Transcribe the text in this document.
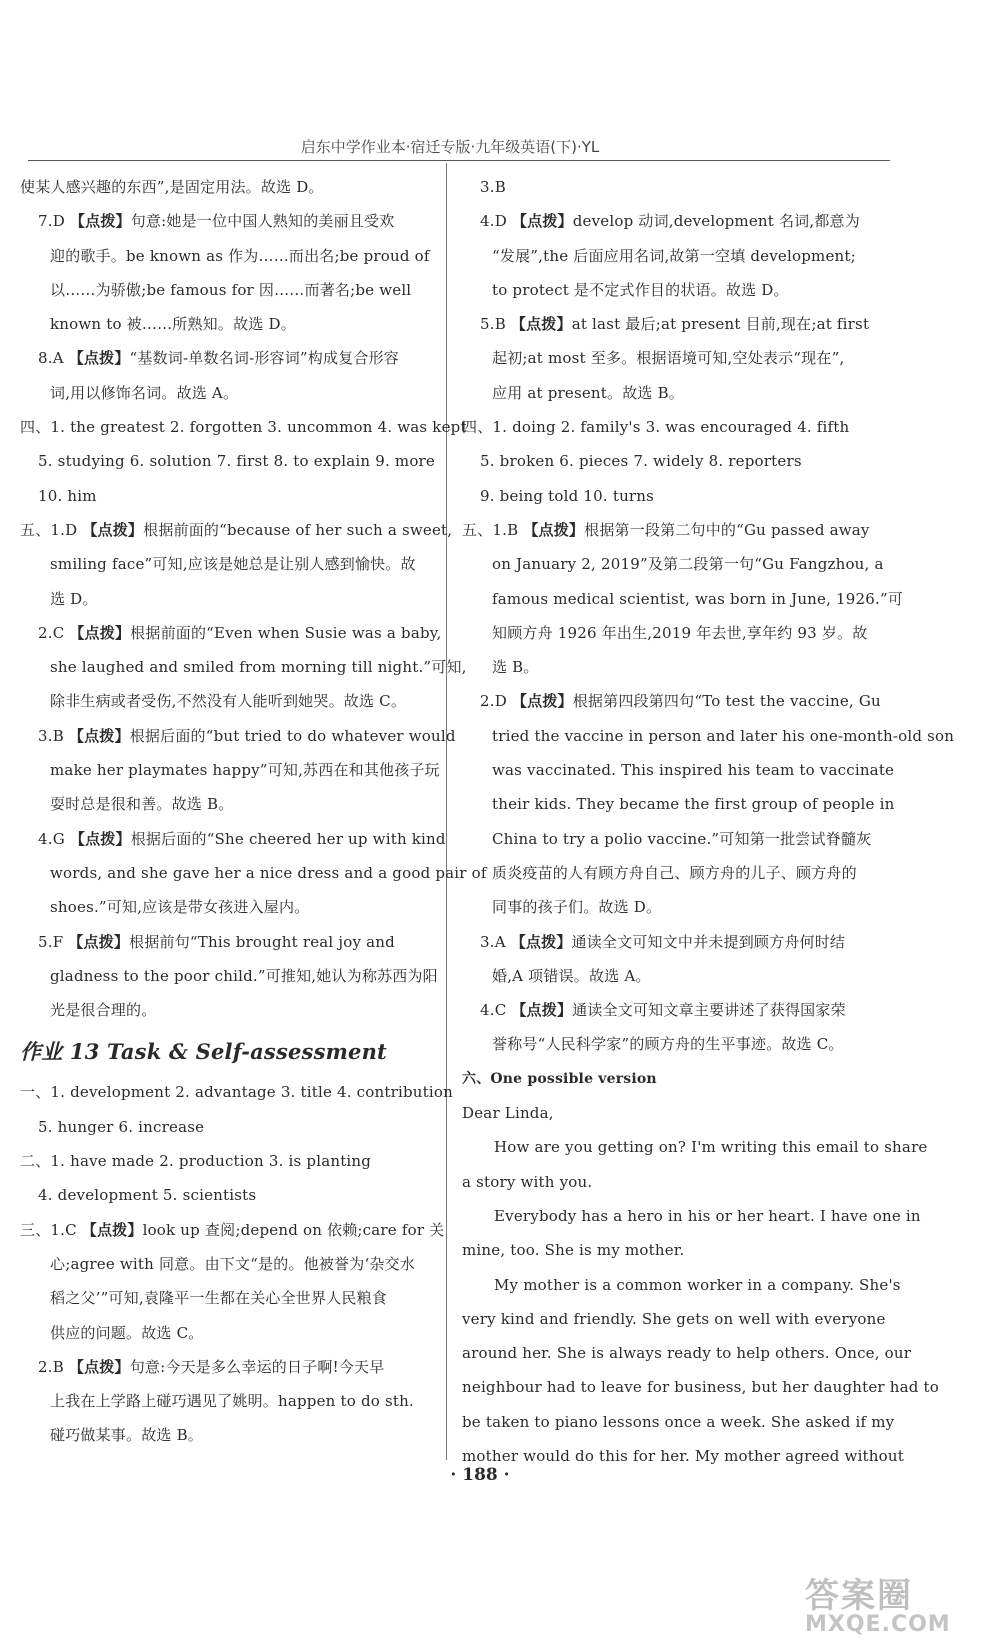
启东中学作业本·宿迁专版·九年级英语(下)·YL
使某人感兴趣的东西”,是固定用法。故选 D。
7.D 【点拨】句意:她是一位中国人熟知的美丽且受欢
迎的歌手。be known as 作为……而出名;be proud of
以……为骄傲;be famous for 因……而著名;be well
known to 被……所熟知。故选 D。
8.A 【点拨】“基数词-单数名词-形容词”构成复合形容
词,用以修饰名词。故选 A。
四、1. the greatest 2. forgotten 3. uncommon 4. was kept
5. studying 6. solution 7. first 8. to explain 9. more
10. him
五、1.D 【点拨】根据前面的“because of her such a sweet,
smiling face”可知,应该是她总是让别人感到愉快。故
选 D。
2.C 【点拨】根据前面的“Even when Susie was a baby,
she laughed and smiled from morning till night.”可知,
除非生病或者受伤,不然没有人能听到她哭。故选 C。
3.B 【点拨】根据后面的“but tried to do whatever would
make her playmates happy”可知,苏西在和其他孩子玩
耍时总是很和善。故选 B。
4.G 【点拨】根据后面的“She cheered her up with kind
words, and she gave her a nice dress and a good pair of
shoes.”可知,应该是带女孩进入屋内。
5.F 【点拨】根据前句“This brought real joy and
gladness to the poor child.”可推知,她认为称苏西为阳
光是很合理的。
作业 13 Task & Self-assessment
一、1. development 2. advantage 3. title 4. contribution
5. hunger 6. increase
二、1. have made 2. production 3. is planting
4. development 5. scientists
三、1.C 【点拨】look up 查阅;depend on 依赖;care for 关
心;agree with 同意。由下文“是的。他被誉为‘杂交水
稻之父’”可知,袁隆平一生都在关心全世界人民粮食
供应的问题。故选 C。
2.B 【点拨】句意:今天是多么幸运的日子啊!今天早
上我在上学路上碰巧遇见了姚明。happen to do sth.
碰巧做某事。故选 B。
3.B
4.D 【点拨】develop 动词,development 名词,都意为
“发展”,the 后面应用名词,故第一空填 development;
to protect 是不定式作目的状语。故选 D。
5.B 【点拨】at last 最后;at present 目前,现在;at first
起初;at most 至多。根据语境可知,空处表示“现在”,
应用 at present。故选 B。
四、1. doing 2. family's 3. was encouraged 4. fifth
5. broken 6. pieces 7. widely 8. reporters
9. being told 10. turns
五、1.B 【点拨】根据第一段第二句中的“Gu passed away
on January 2, 2019”及第二段第一句“Gu Fangzhou, a
famous medical scientist, was born in June, 1926.”可
知顾方舟 1926 年出生,2019 年去世,享年约 93 岁。故
选 B。
2.D 【点拨】根据第四段第四句“To test the vaccine, Gu
tried the vaccine in person and later his one-month-old son
was vaccinated. This inspired his team to vaccinate
their kids. They became the first group of people in
China to try a polio vaccine.”可知第一批尝试脊髓灰
质炎疫苗的人有顾方舟自己、顾方舟的儿子、顾方舟的
同事的孩子们。故选 D。
3.A 【点拨】通读全文可知文中并未提到顾方舟何时结
婚,A 项错误。故选 A。
4.C 【点拨】通读全文可知文章主要讲述了获得国家荣
誉称号“人民科学家”的顾方舟的生平事迹。故选 C。
六、One possible version
Dear Linda,
How are you getting on? I'm writing this email to share
a story with you.
Everybody has a hero in his or her heart. I have one in
mine, too. She is my mother.
My mother is a common worker in a company. She's
very kind and friendly. She gets on well with everyone
around her. She is always ready to help others. Once, our
neighbour had to leave for business, but her daughter had to
be taken to piano lessons once a week. She asked if my
mother would do this for her. My mother agreed without
· 188 ·
答案圈
MXQE.COM
